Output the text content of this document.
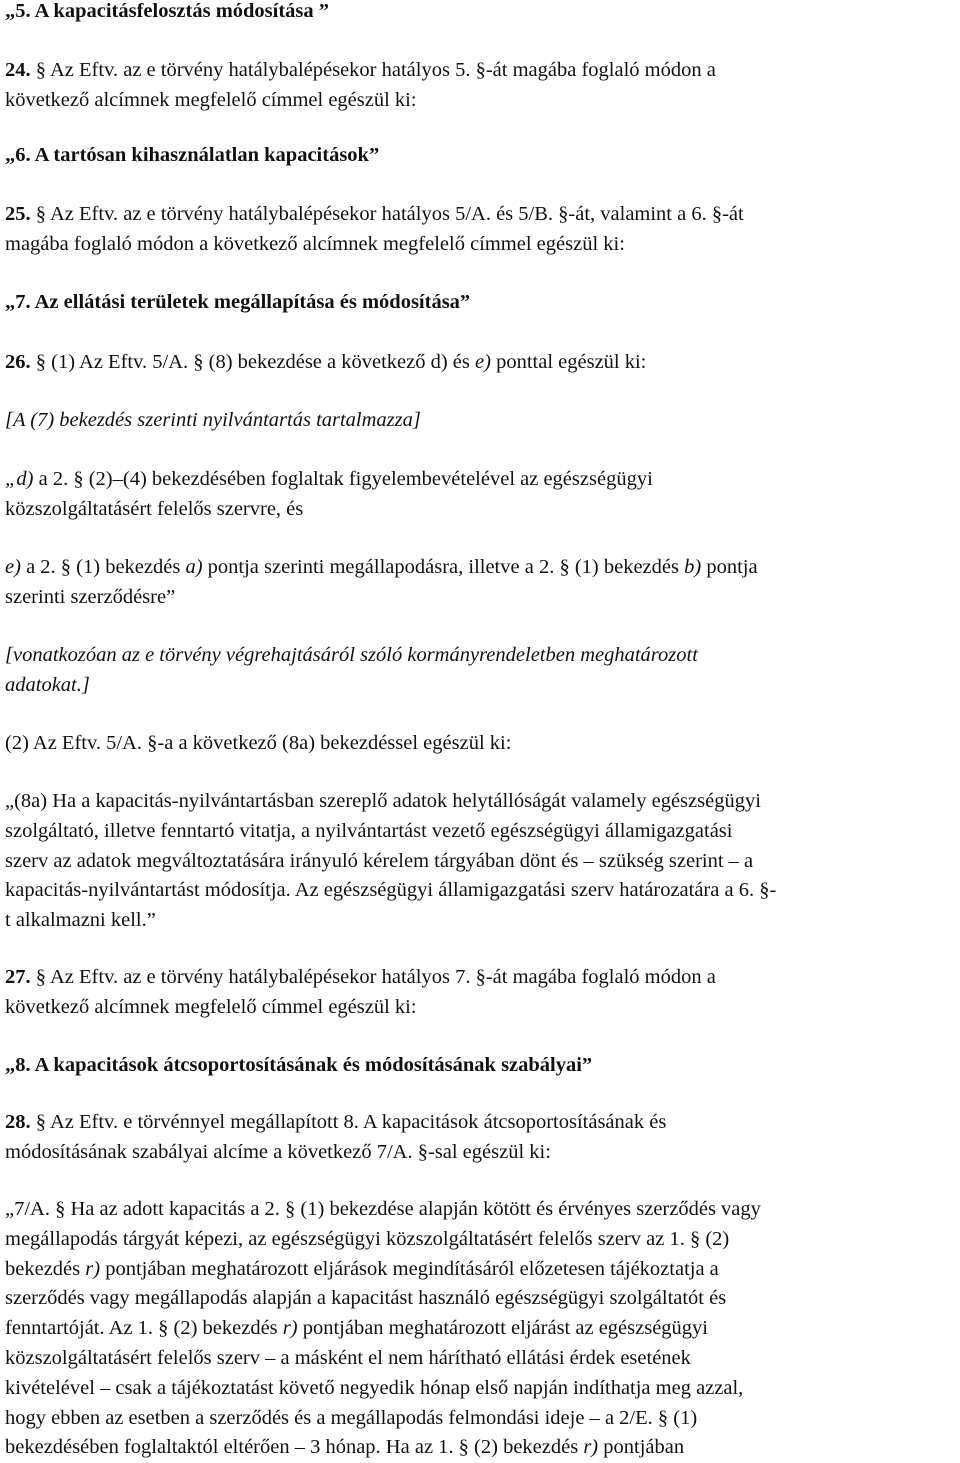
„5. A kapacitásfelosztás módosítása ”
24. § Az Eftv. az e törvény hatálybalépésekor hatályos 5. §-át magába foglaló módon a
következő alcímnek megfelelő címmel egészül ki:
„6. A tartósan kihasználatlan kapacitások”
25. § Az Eftv. az e törvény hatálybalépésekor hatályos 5/A. és 5/B. §-át, valamint a 6. §-át
magába foglaló módon a következő alcímnek megfelelő címmel egészül ki:
„7. Az ellátási területek megállapítása és módosítása”
26. § (1) Az Eftv. 5/A. § (8) bekezdése a következő d) és e) ponttal egészül ki:
[A (7) bekezdés szerinti nyilvántartás tartalmazza]
„d) a 2. § (2)–(4) bekezdésében foglaltak figyelembevételével az egészségügyi
közszolgáltatásért felelős szervre, és
e) a 2. § (1) bekezdés a) pontja szerinti megállapodásra, illetve a 2. § (1) bekezdés b) pontja
szerinti szerződésre”
[vonatkozóan az e törvény végrehajtásáról szóló kormányrendeletben meghatározott
adatokat.]
(2) Az Eftv. 5/A. §-a a következő (8a) bekezdéssel egészül ki:
„(8a) Ha a kapacitás-nyilvántartásban szereplő adatok helytállóságát valamely egészségügyi
szolgáltató, illetve fenntartó vitatja, a nyilvántartást vezető egészségügyi államigazgatási
szerv az adatok megváltoztatására irányuló kérelem tárgyában dönt és – szükség szerint – a
kapacitás-nyilvántartást módosítja. Az egészségügyi államigazgatási szerv határozatára a 6. §-
t alkalmazni kell.”
27. § Az Eftv. az e törvény hatálybalépésekor hatályos 7. §-át magába foglaló módon a
következő alcímnek megfelelő címmel egészül ki:
„8. A kapacitások átcsoportosításának és módosításának szabályai”
28. § Az Eftv. e törvénnyel megállapított 8. A kapacitások átcsoportosításának és
módosításának szabályai alcíme a következő 7/A. §-sal egészül ki:
„7/A. § Ha az adott kapacitás a 2. § (1) bekezdése alapján kötött és érvényes szerződés vagy
megállapodás tárgyát képezi, az egészségügyi közszolgáltatásért felelős szerv az 1. § (2)
bekezdés r) pontjában meghatározott eljárások megindításáról előzetesen tájékoztatja a
szerződés vagy megállapodás alapján a kapacitást használó egészségügyi szolgáltatót és
fenntartóját. Az 1. § (2) bekezdés r) pontjában meghatározott eljárást az egészségügyi
közszolgáltatásért felelős szerv – a másként el nem hárítható ellátási érdek esetének
kivételével – csak a tájékoztatást követő negyedik hónap első napján indíthatja meg azzal,
hogy ebben az esetben a szerződés és a megállapodás felmondási ideje – a 2/E. § (1)
bekezdésében foglaltaktól eltérően – 3 hónap. Ha az 1. § (2) bekezdés r) pontjában
